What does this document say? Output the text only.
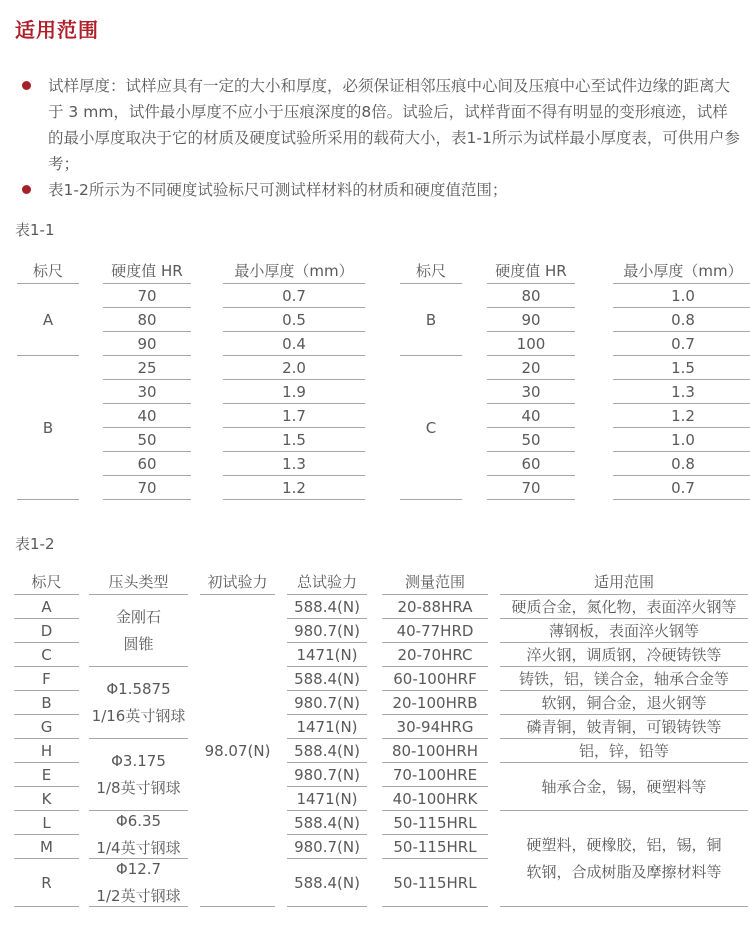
适用范围

试样厚度：试样应具有一定的大小和厚度，必须保证相邻压痕中心间及压痕中心至试件边缘的距离大于 3 mm，试件最小厚度不应小于压痕深度的8倍。试验后，试样背面不得有明显的变形痕迹，试样的最小厚度取决于它的材质及硬度试验所采用的载荷大小，表1-1所示为试样最小厚度表，可供用户参考；

表1-2所示为不同硬度试验标尺可测试样材料的材质和硬度值范围；

表1-1
标尺
A
B
硬度值 HR
70
80
90
25
30
40
50
60
70
最小厚度（mm）
0.7
0.5
0.4
2.0
1.9
1.7
1.5
1.3
1.2
标尺
B
C
硬度值 HR
80
90
100
20
30
40
50
60
70
最小厚度（mm）
1.0
0.8
0.7
1.5
1.3
1.2
1.0
0.8
0.7
表1-2
标尺
A
D
C
F
B
G
H
E
K
L
M
R
压头类型
金刚石
圆锥
Φ1.5875
1/16英寸钢球
Φ3.175
1/8英寸钢球
Φ6.35
1/4英寸钢球
Φ12.7
1/2英寸钢球
初试验力
98.07(N)
总试验力
588.4(N)
980.7(N)
1471(N)
588.4(N)
980.7(N)
1471(N)
588.4(N)
980.7(N)
1471(N)
588.4(N)
980.7(N)
588.4(N)
测量范围
20-88HRA
40-77HRD
20-70HRC
60-100HRF
20-100HRB
30-94HRG
80-100HRH
70-100HRE
40-100HRK
50-115HRL
50-115HRL
50-115HRL
适用范围
硬质合金，氮化物，表面淬火钢等
薄钢板，表面淬火钢等
淬火钢，调质钢，冷硬铸铁等
铸铁，铝，镁合金，轴承合金等
软钢，铜合金，退火钢等
磷青铜，铍青铜，可锻铸铁等
铝，锌，铅等
轴承合金，锡，硬塑料等
硬塑料，硬橡胶，铝，锡，铜
软钢，合成树脂及摩擦材料等
